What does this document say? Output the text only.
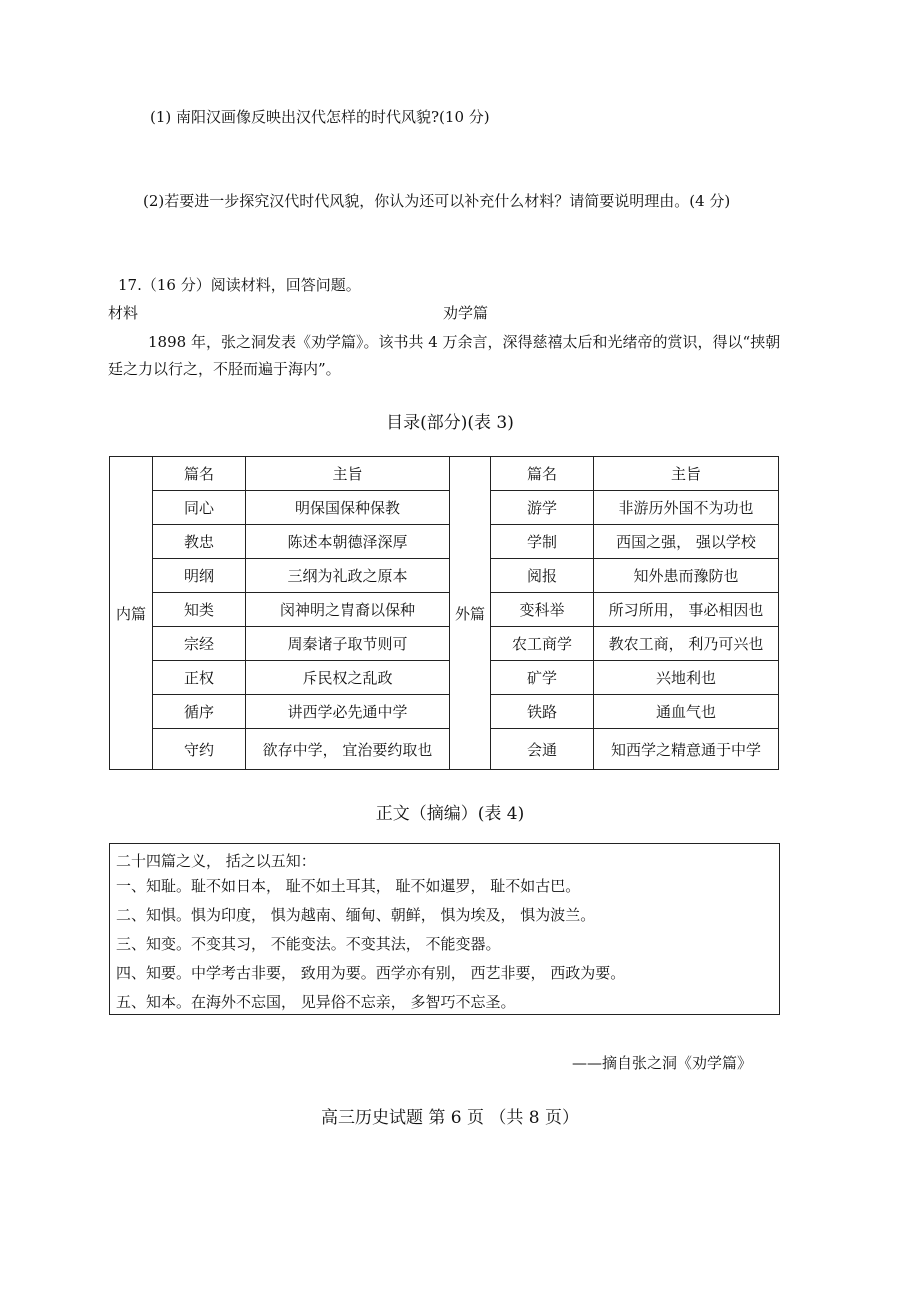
(1) 南阳汉画像反映出汉代怎样的时代风貌?(10 分)
(2)若要进一步探究汉代时代风貌，你认为还可以补充什么材料？请简要说明理由。(4 分)
17.（16 分）阅读材料，回答问题。
材料	劝学篇
1898 年，张之洞发表《劝学篇》。该书共 4 万余言，深得慈禧太后和光绪帝的赏识，得以“挟朝廷之力以行之，不胫而遍于海内”。
目录(部分)(表 3)
内篇	篇名	主旨	外篇	篇名	主旨
	同心	明保国保种保教		游学	非游历外国不为功也
	教忠	陈述本朝德泽深厚		学制	西国之强， 强以学校
	明纲	三纲为礼政之原本		阅报	知外患而豫防也
	知类	闵神明之胄裔以保种		变科举	所习所用， 事必相因也
	宗经	周秦诸子取节则可		农工商学	教农工商， 利乃可兴也
	正权	斥民权之乱政		矿学	兴地利也
	循序	讲西学必先通中学		铁路	通血气也
	守约	欲存中学， 宜治要约取也		会通	知西学之精意通于中学
正文（摘编）(表 4)
二十四篇之义， 括之以五知：
一、知耻。耻不如日本， 耻不如土耳其， 耻不如暹罗， 耻不如古巴。
二、知惧。惧为印度， 惧为越南、缅甸、朝鲜， 惧为埃及， 惧为波兰。
三、知变。不变其习， 不能变法。不变其法， 不能变器。
四、知要。中学考古非要， 致用为要。西学亦有别， 西艺非要， 西政为要。
五、知本。在海外不忘国， 见异俗不忘亲， 多智巧不忘圣。
——摘自张之洞《劝学篇》
高三历史试题 第 6 页 （共 8 页）
